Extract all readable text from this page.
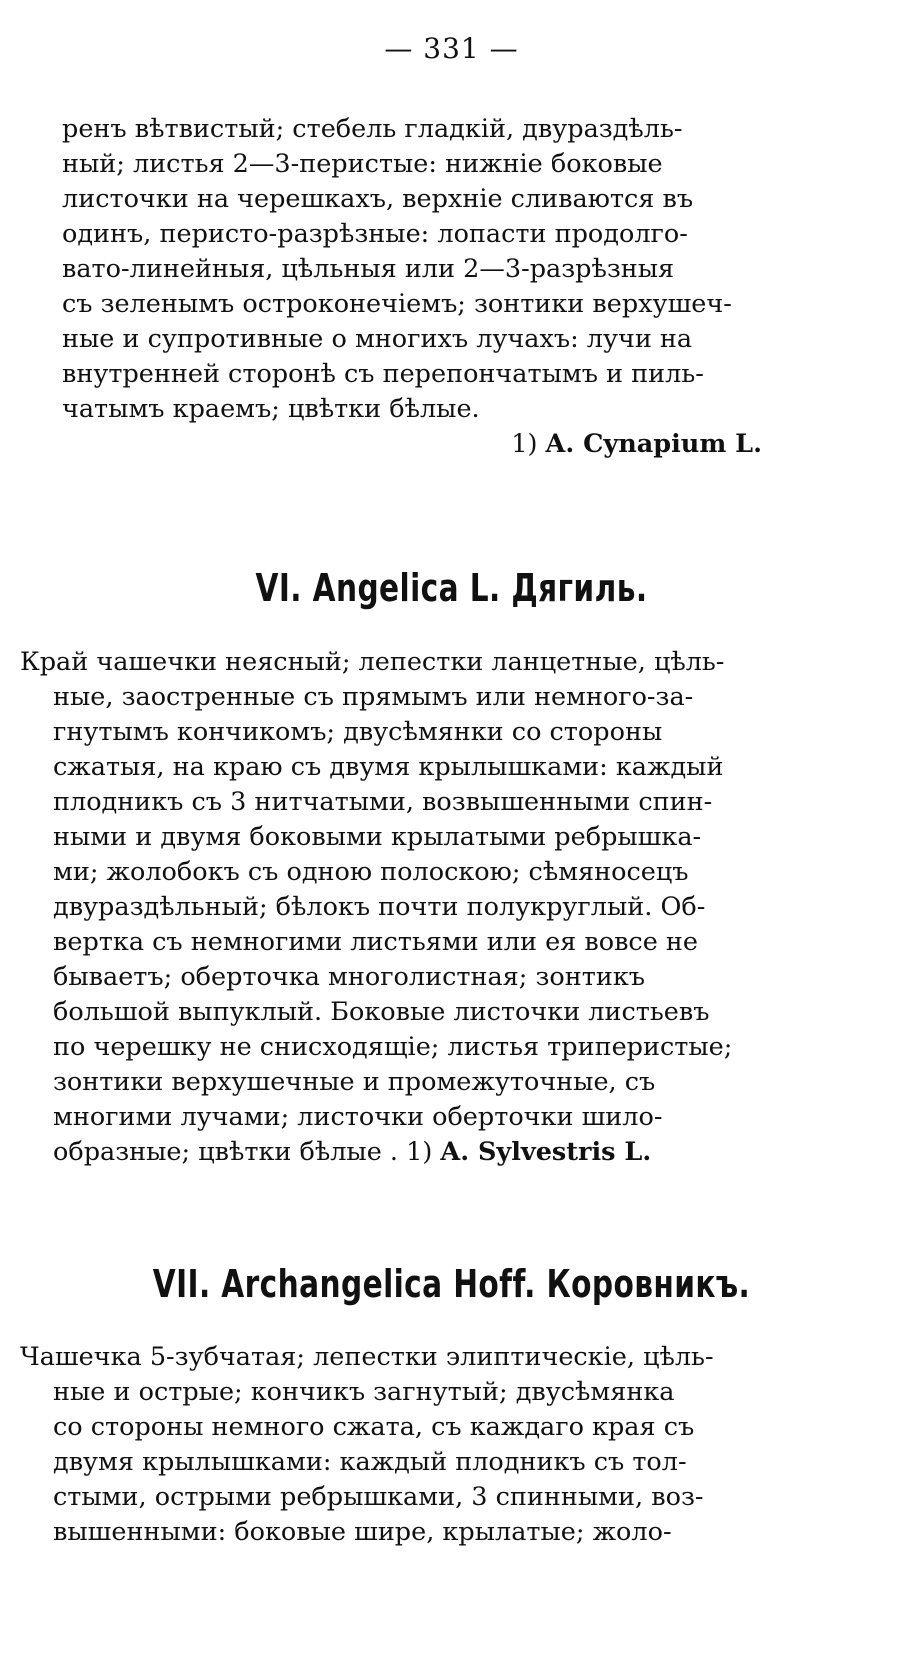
— 331 —
ренъ вѣтвистый; стебель гладкій, двураздѣль-
ный; листья 2—3-перистые: нижніе боковые
листочки на черешкахъ, верхніе сливаются въ
одинъ, перисто-разрѣзные: лопасти продолго-
вато-линейныя, цѣльныя или 2—3-разрѣзныя
съ зеленымъ остроконечіемъ; зонтики верхушеч-
ные и супротивные о многихъ лучахъ: лучи на
внутренней сторонѣ съ перепончатымъ и пиль-
чатымъ краемъ; цвѣтки бѣлые.
1) A. Cynapium L.
VI. Angelica L. Дягиль.
Край чашечки неясный; лепестки ланцетные, цѣль-
ные, заостренные съ прямымъ или немного-за-
гнутымъ кончикомъ; двусѣмянки со стороны
сжатыя, на краю съ двумя крылышками: каждый
плодникъ съ 3 нитчатыми, возвышенными спин-
ными и двумя боковыми крылатыми ребрышка-
ми; жолобокъ съ одною полоскою; сѣмяносецъ
двураздѣльный; бѣлокъ почти полукруглый. Об-
вертка съ немногими листьями или ея вовсе не
бываетъ; оберточка многолистная; зонтикъ
большой выпуклый. Боковые листочки листьевъ
по черешку не снисходящіе; листья триперистые;
зонтики верхушечные и промежуточные, съ
многими лучами; листочки оберточки шило-
образные; цвѣтки бѣлые . 1) A. Sylvestris L.
VII. Archangelica Hoff. Коровникъ.
Чашечка 5-зубчатая; лепестки элиптическіе, цѣль-
ные и острые; кончикъ загнутый; двусѣмянка
со стороны немного сжата, съ каждаго края съ
двумя крылышками: каждый плодникъ съ тол-
стыми, острыми ребрышками, 3 спинными, воз-
вышенными: боковые шире, крылатые; жоло-
